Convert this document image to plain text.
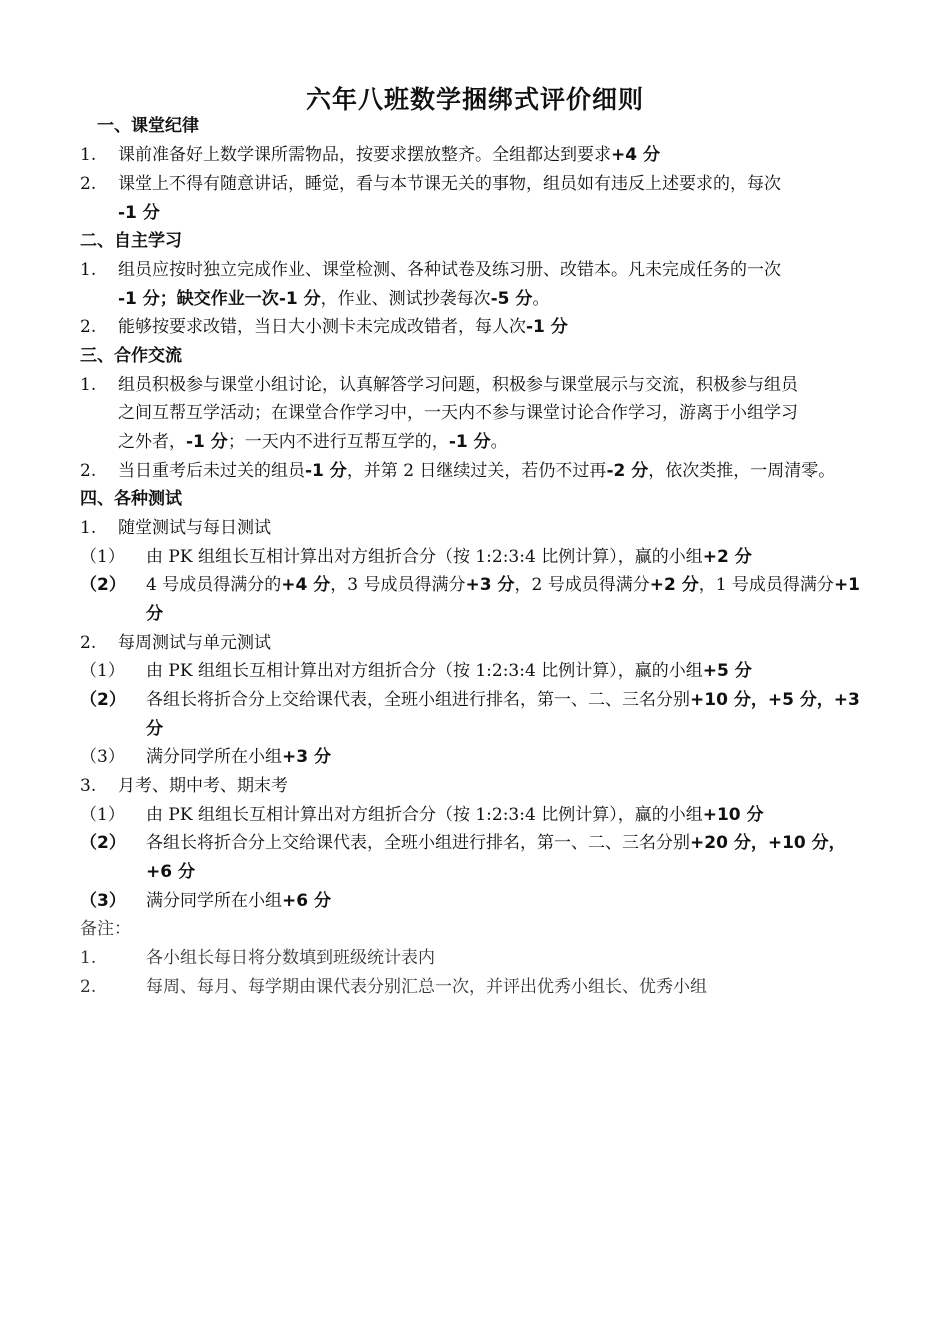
六年八班数学捆绑式评价细则
一、课堂纪律
1. 课前准备好上数学课所需物品，按要求摆放整齐。全组都达到要求+4 分
2. 课堂上不得有随意讲话，睡觉，看与本节课无关的事物，组员如有违反上述要求的，每次
-1 分
二、自主学习
1. 组员应按时独立完成作业、课堂检测、各种试卷及练习册、改错本。凡未完成任务的一次
-1 分；缺交作业一次-1 分，作业、测试抄袭每次-5 分。
2. 能够按要求改错，当日大小测卡未完成改错者，每人次-1 分
三、合作交流
1. 组员积极参与课堂小组讨论，认真解答学习问题，积极参与课堂展示与交流，积极参与组员
之间互帮互学活动；在课堂合作学习中，一天内不参与课堂讨论合作学习，游离于小组学习
之外者，-1 分；一天内不进行互帮互学的，-1 分。
2. 当日重考后未过关的组员-1 分，并第 2 日继续过关，若仍不过再-2 分，依次类推，一周清零。
四、各种测试
1. 随堂测试与每日测试
（1） 由 PK 组组长互相计算出对方组折合分（按 1:2:3:4 比例计算），赢的小组+2 分
（2） 4 号成员得满分的+4 分，3 号成员得满分+3 分，2 号成员得满分+2 分，1 号成员得满分+1
分
2. 每周测试与单元测试
（1） 由 PK 组组长互相计算出对方组折合分（按 1:2:3:4 比例计算），赢的小组+5 分
（2） 各组长将折合分上交给课代表，全班小组进行排名，第一、二、三名分别+10 分，+5 分，+3
分
（3） 满分同学所在小组+3 分
3. 月考、期中考、期末考
（1） 由 PK 组组长互相计算出对方组折合分（按 1:2:3:4 比例计算），赢的小组+10 分
（2） 各组长将折合分上交给课代表，全班小组进行排名，第一、二、三名分别+20 分，+10 分，
+6 分
（3） 满分同学所在小组+6 分
备注：
1.	各小组长每日将分数填到班级统计表内
2.	每周、每月、每学期由课代表分别汇总一次，并评出优秀小组长、优秀小组
